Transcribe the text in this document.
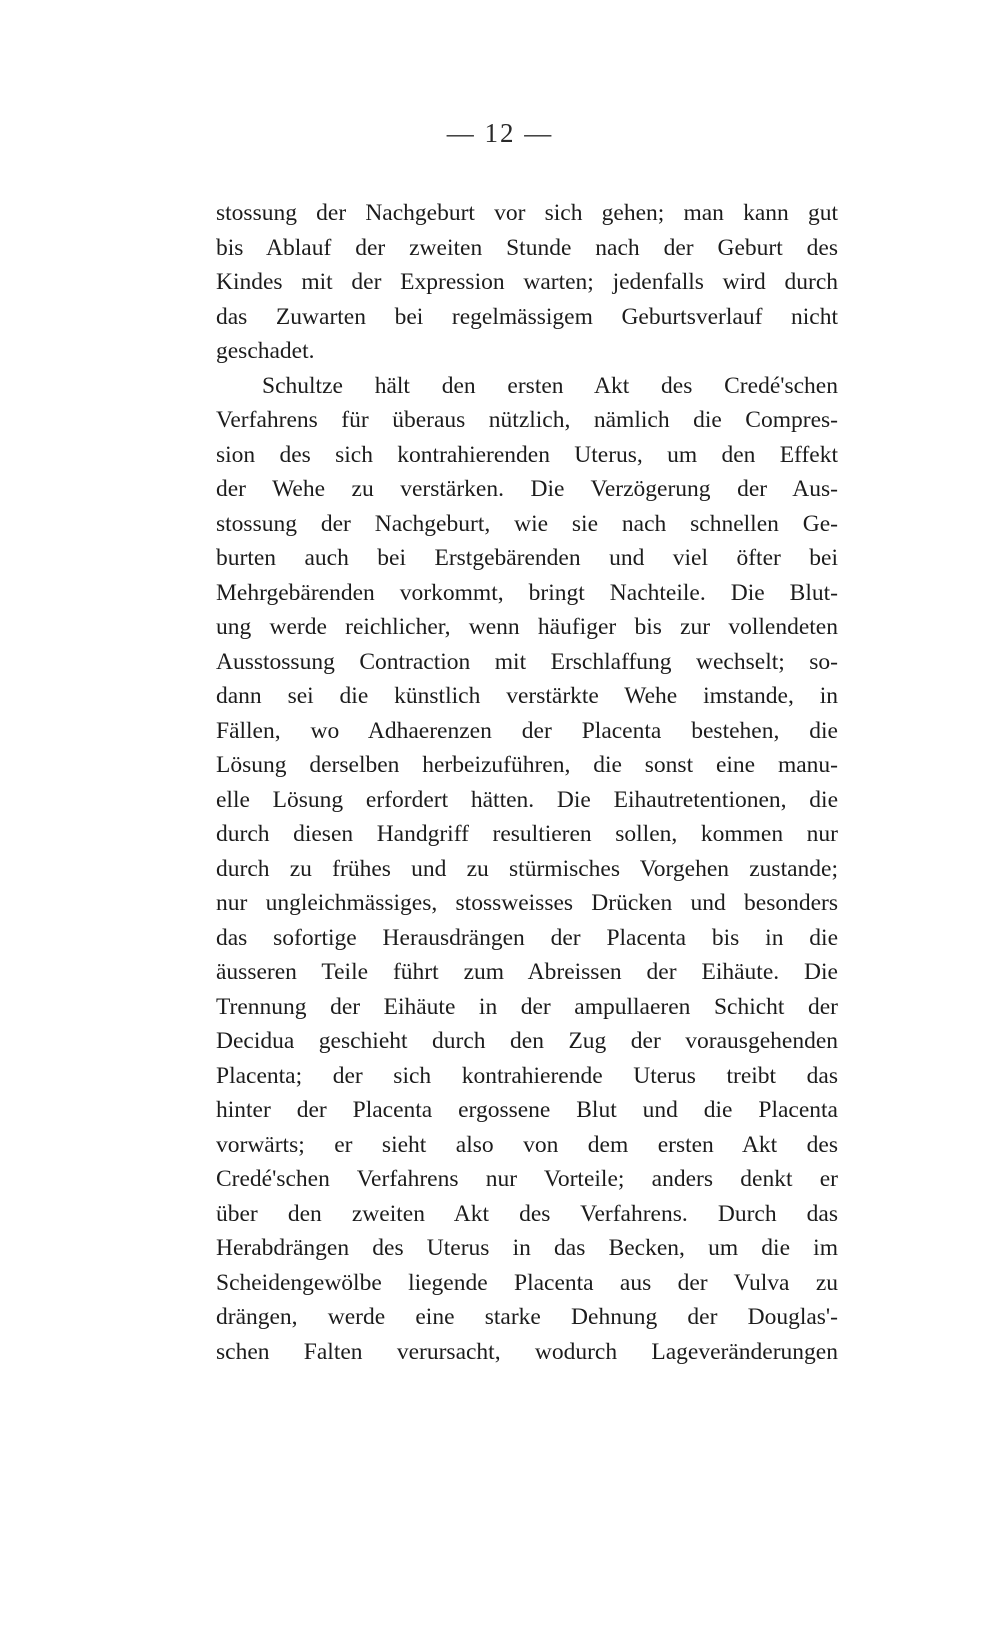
— 12 —
stossung der Nachgeburt vor sich gehen; man kann gut
bis Ablauf der zweiten Stunde nach der Geburt des
Kindes mit der Expression warten; jedenfalls wird durch
das Zuwarten bei regelmässigem Geburtsverlauf nicht
geschadet.
Schultze hält den ersten Akt des Credé'schen
Verfahrens für überaus nützlich, nämlich die Compres-
sion des sich kontrahierenden Uterus, um den Effekt
der Wehe zu verstärken. Die Verzögerung der Aus-
stossung der Nachgeburt, wie sie nach schnellen Ge-
burten auch bei Erstgebärenden und viel öfter bei
Mehrgebärenden vorkommt, bringt Nachteile. Die Blut-
ung werde reichlicher, wenn häufiger bis zur vollendeten
Ausstossung Contraction mit Erschlaffung wechselt; so-
dann sei die künstlich verstärkte Wehe imstande, in
Fällen, wo Adhaerenzen der Placenta bestehen, die
Lösung derselben herbeizuführen, die sonst eine manu-
elle Lösung erfordert hätten. Die Eihautretentionen, die
durch diesen Handgriff resultieren sollen, kommen nur
durch zu frühes und zu stürmisches Vorgehen zustande;
nur ungleichmässiges, stossweisses Drücken und besonders
das sofortige Herausdrängen der Placenta bis in die
äusseren Teile führt zum Abreissen der Eihäute. Die
Trennung der Eihäute in der ampullaeren Schicht der
Decidua geschieht durch den Zug der vorausgehenden
Placenta; der sich kontrahierende Uterus treibt das
hinter der Placenta ergossene Blut und die Placenta
vorwärts; er sieht also von dem ersten Akt des
Credé'schen Verfahrens nur Vorteile; anders denkt er
über den zweiten Akt des Verfahrens. Durch das
Herabdrängen des Uterus in das Becken, um die im
Scheidengewölbe liegende Placenta aus der Vulva zu
drängen, werde eine starke Dehnung der Douglas'-
schen Falten verursacht, wodurch Lageveränderungen
